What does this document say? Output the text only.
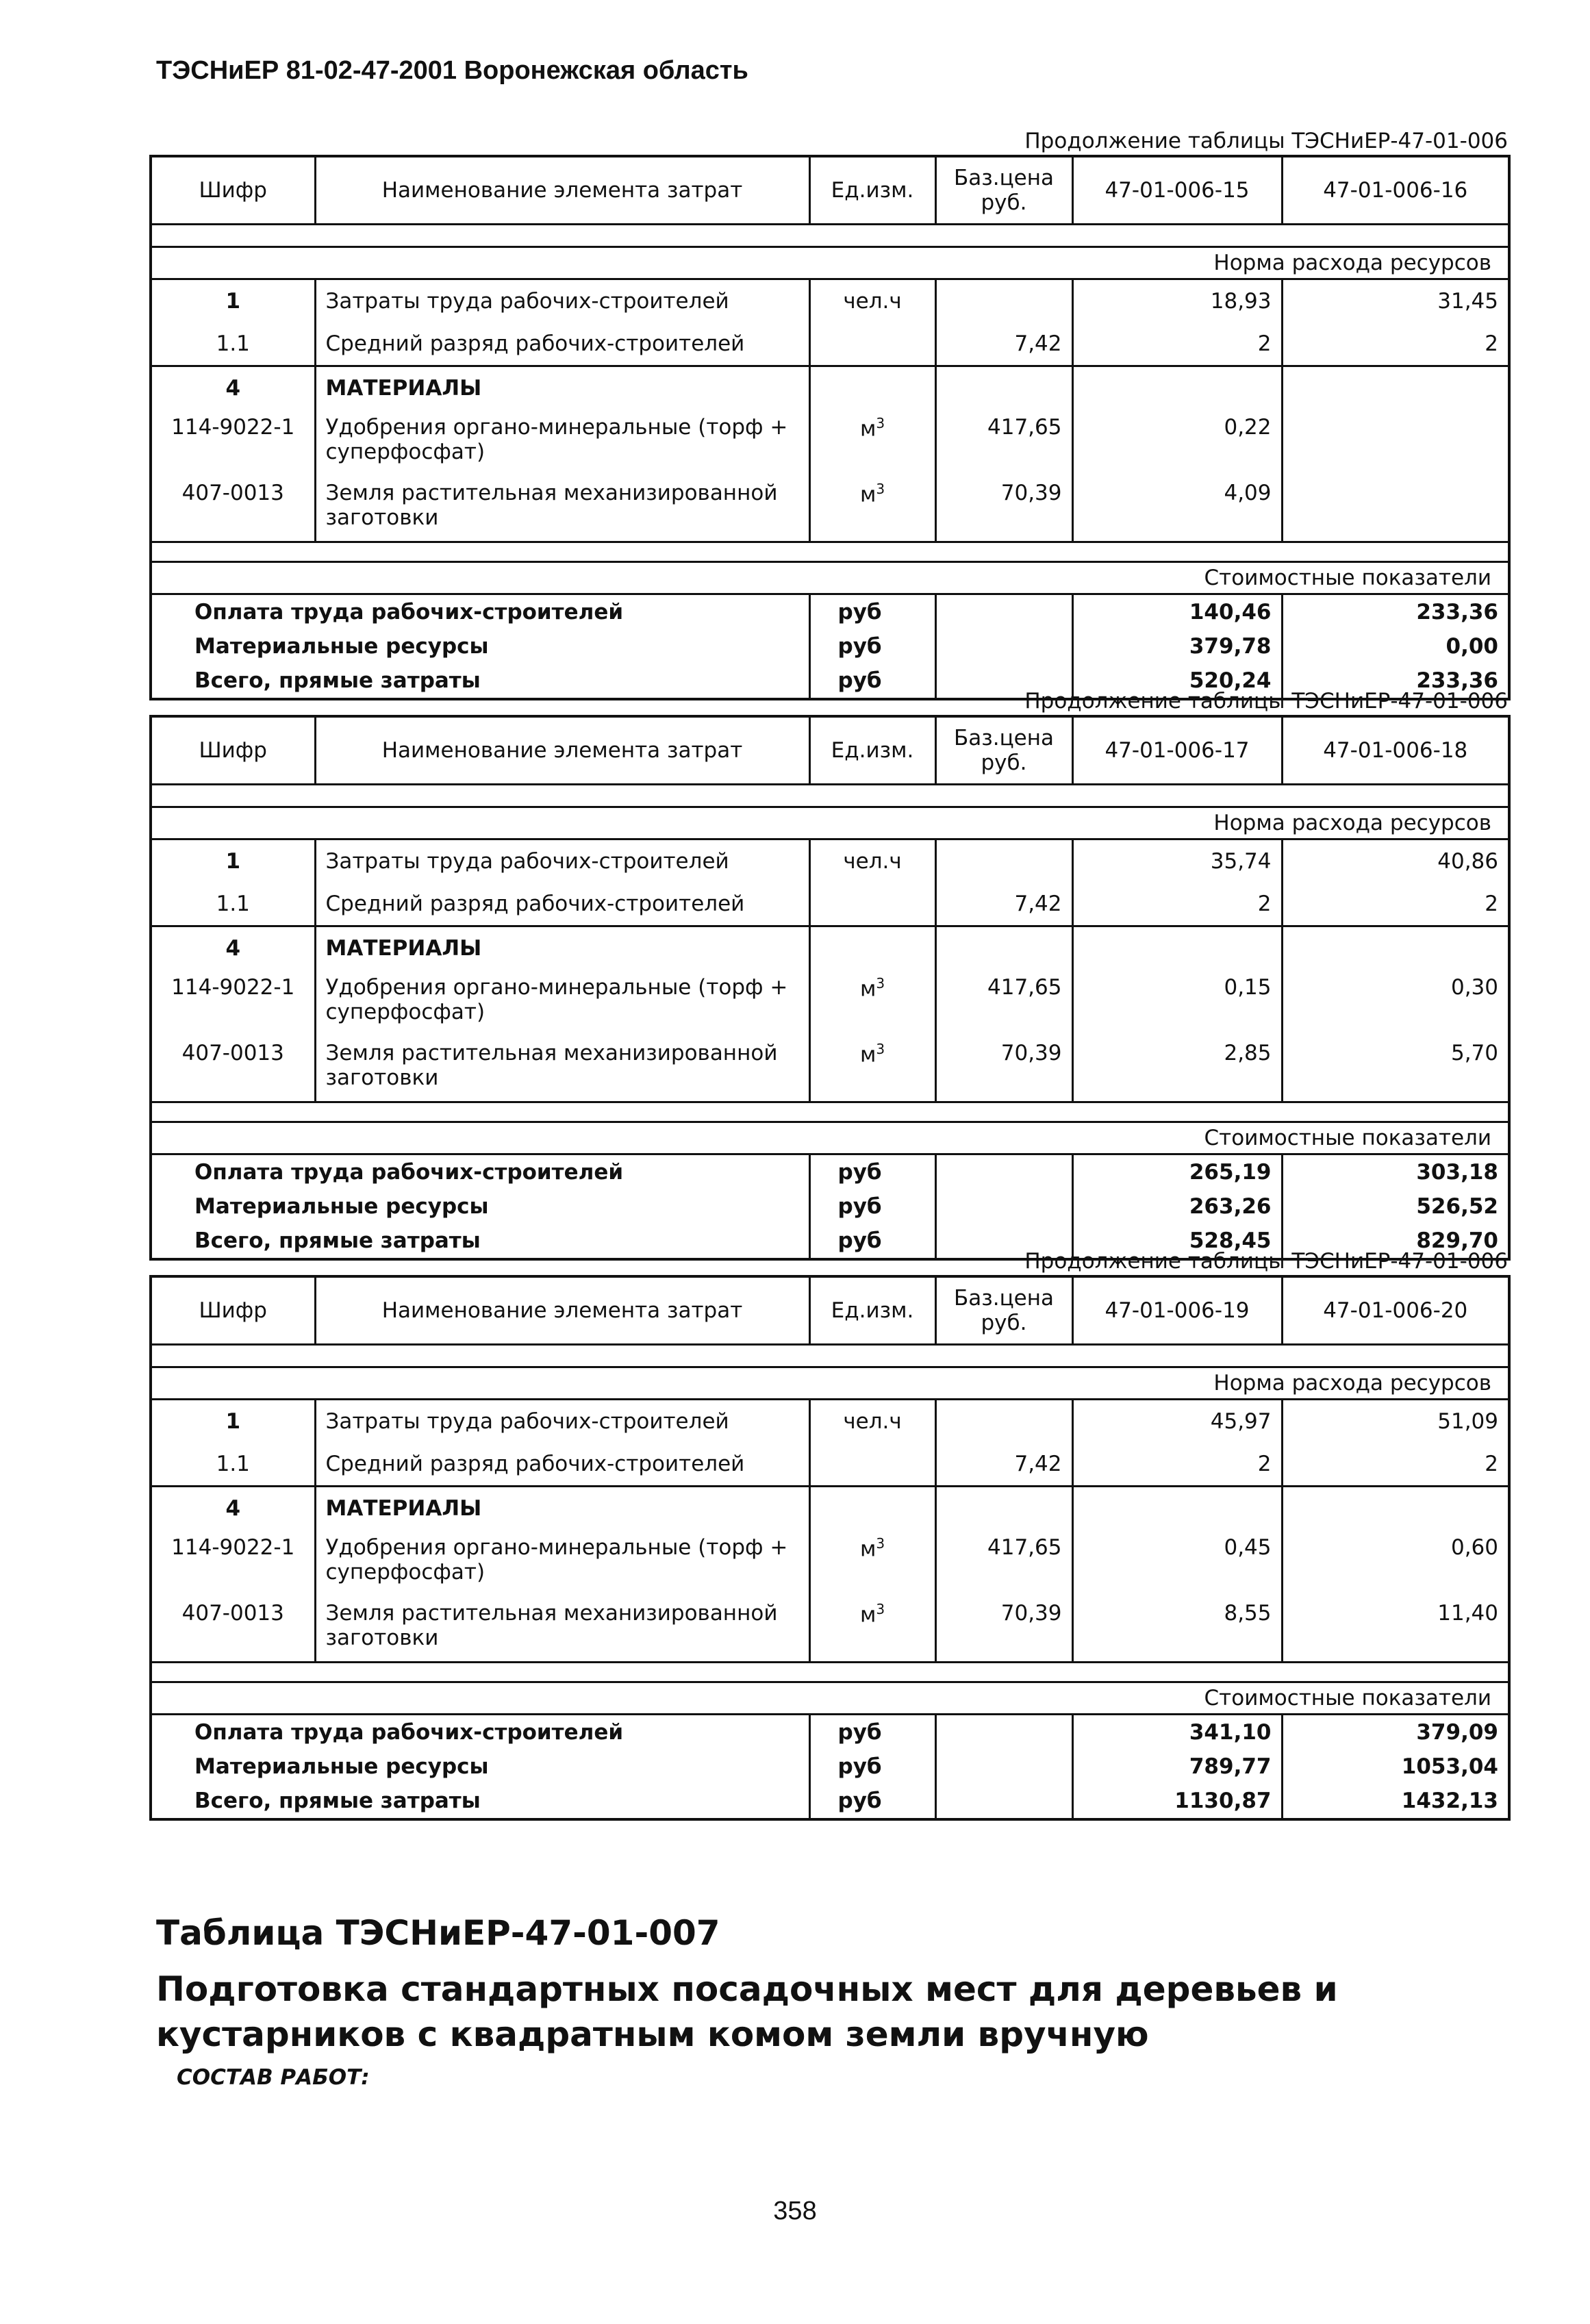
ТЭСНиЕР 81-02-47-2001 Воронежская область
Продолжение таблицы ТЭСНиЕР-47-01-006
Шифр	Наименование элемента затрат	Ед.изм.	Баз.цена руб.	47-01-006-15	47-01-006-16

Норма расхода ресурсов					
1	Затраты труда рабочих-строителей	чел.ч		18,93	31,45
1.1	Средний разряд рабочих-строителей		7,42	2	2
4	МАТЕРИАЛЫ				
114-9022-1	Удобрения органо-минеральные (торф + суперфосфат)	$м^3$	417,65	0,22	
407-0013	Земля растительная механизированной заготовки	$м^3$	70,39	4,09	

Стоимостные показатели					
Оплата труда рабочих-строителей		руб		140,46	233,36
Материальные ресурсы		руб		379,78	0,00
Всего, прямые затраты		руб		520,24	233,36
Продолжение таблицы ТЭСНиЕР-47-01-006
Шифр	Наименование элемента затрат	Ед.изм.	Баз.цена руб.	47-01-006-17	47-01-006-18

Норма расхода ресурсов					
1	Затраты труда рабочих-строителей	чел.ч		35,74	40,86
1.1	Средний разряд рабочих-строителей		7,42	2	2
4	МАТЕРИАЛЫ				
114-9022-1	Удобрения органо-минеральные (торф + суперфосфат)	$м^3$	417,65	0,15	0,30
407-0013	Земля растительная механизированной заготовки	$м^3$	70,39	2,85	5,70

Стоимостные показатели					
Оплата труда рабочих-строителей		руб		265,19	303,18
Материальные ресурсы		руб		263,26	526,52
Всего, прямые затраты		руб		528,45	829,70
Продолжение таблицы ТЭСНиЕР-47-01-006
Шифр	Наименование элемента затрат	Ед.изм.	Баз.цена руб.	47-01-006-19	47-01-006-20

Норма расхода ресурсов					
1	Затраты труда рабочих-строителей	чел.ч		45,97	51,09
1.1	Средний разряд рабочих-строителей		7,42	2	2
4	МАТЕРИАЛЫ				
114-9022-1	Удобрения органо-минеральные (торф + суперфосфат)	$м^3$	417,65	0,45	0,60
407-0013	Земля растительная механизированной заготовки	$м^3$	70,39	8,55	11,40

Стоимостные показатели					
Оплата труда рабочих-строителей		руб		341,10	379,09
Материальные ресурсы		руб		789,77	1053,04
Всего, прямые затраты		руб		1130,87	1432,13
Таблица ТЭСНиЕР-47-01-007
Подготовка стандартных посадочных мест для деревьев и кустарников с квадратным комом земли вручную
СОСТАВ РАБОТ:
358
